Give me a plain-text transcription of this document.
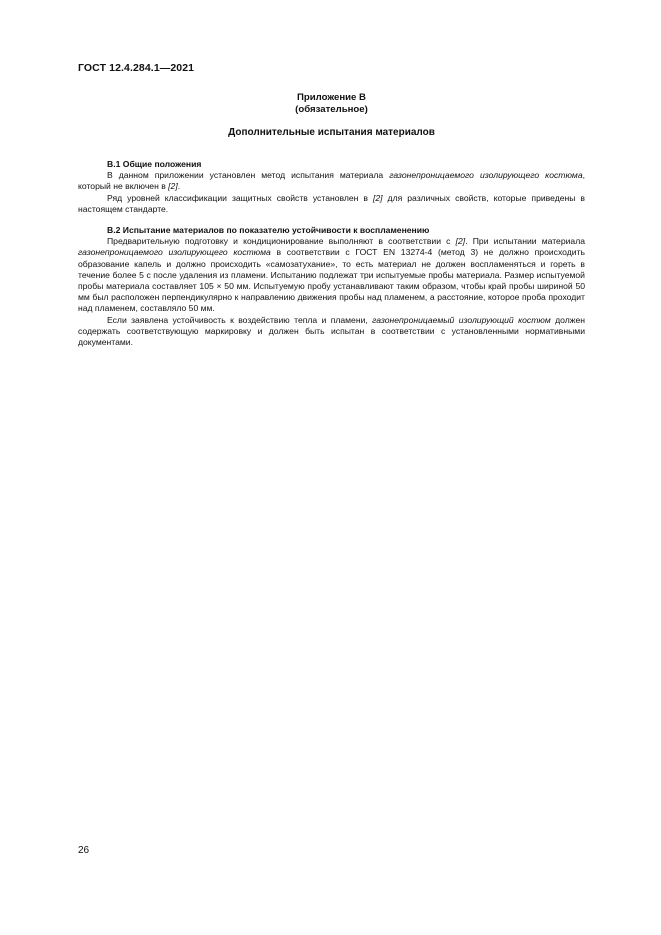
ГОСТ 12.4.284.1—2021
Приложение В
(обязательное)
Дополнительные испытания материалов
В.1 Общие положения

В данном приложении установлен метод испытания материала газонепроницаемого изолирующего костюма, который не включен в [2].

Ряд уровней классификации защитных свойств установлен в [2] для различных свойств, которые приведены в настоящем стандарте.

В.2 Испытание материалов по показателю устойчивости к воспламенению

Предварительную подготовку и кондиционирование выполняют в соответствии с [2]. При испытании материала газонепроницаемого изолирующего костюма в соответствии с ГОСТ EN 13274-4 (метод 3) не должно происходить образование капель и должно происходить «самозатухание», то есть материал не должен воспламеняться и гореть в течение более 5 с после удаления из пламени. Испытанию подлежат три испытуемые пробы материала. Размер испытуемой пробы материала составляет 105 × 50 мм. Испытуемую пробу устанавливают таким образом, чтобы край пробы шириной 50 мм был расположен перпендикулярно к направлению движения пробы над пламенем, а расстояние, которое проба проходит над пламенем, составляло 50 мм.

Если заявлена устойчивость к воздействию тепла и пламени, газонепроницаемый изолирующий костюм должен содержать соответствующую маркировку и должен быть испытан в соответствии с установленными нормативными документами.

26
